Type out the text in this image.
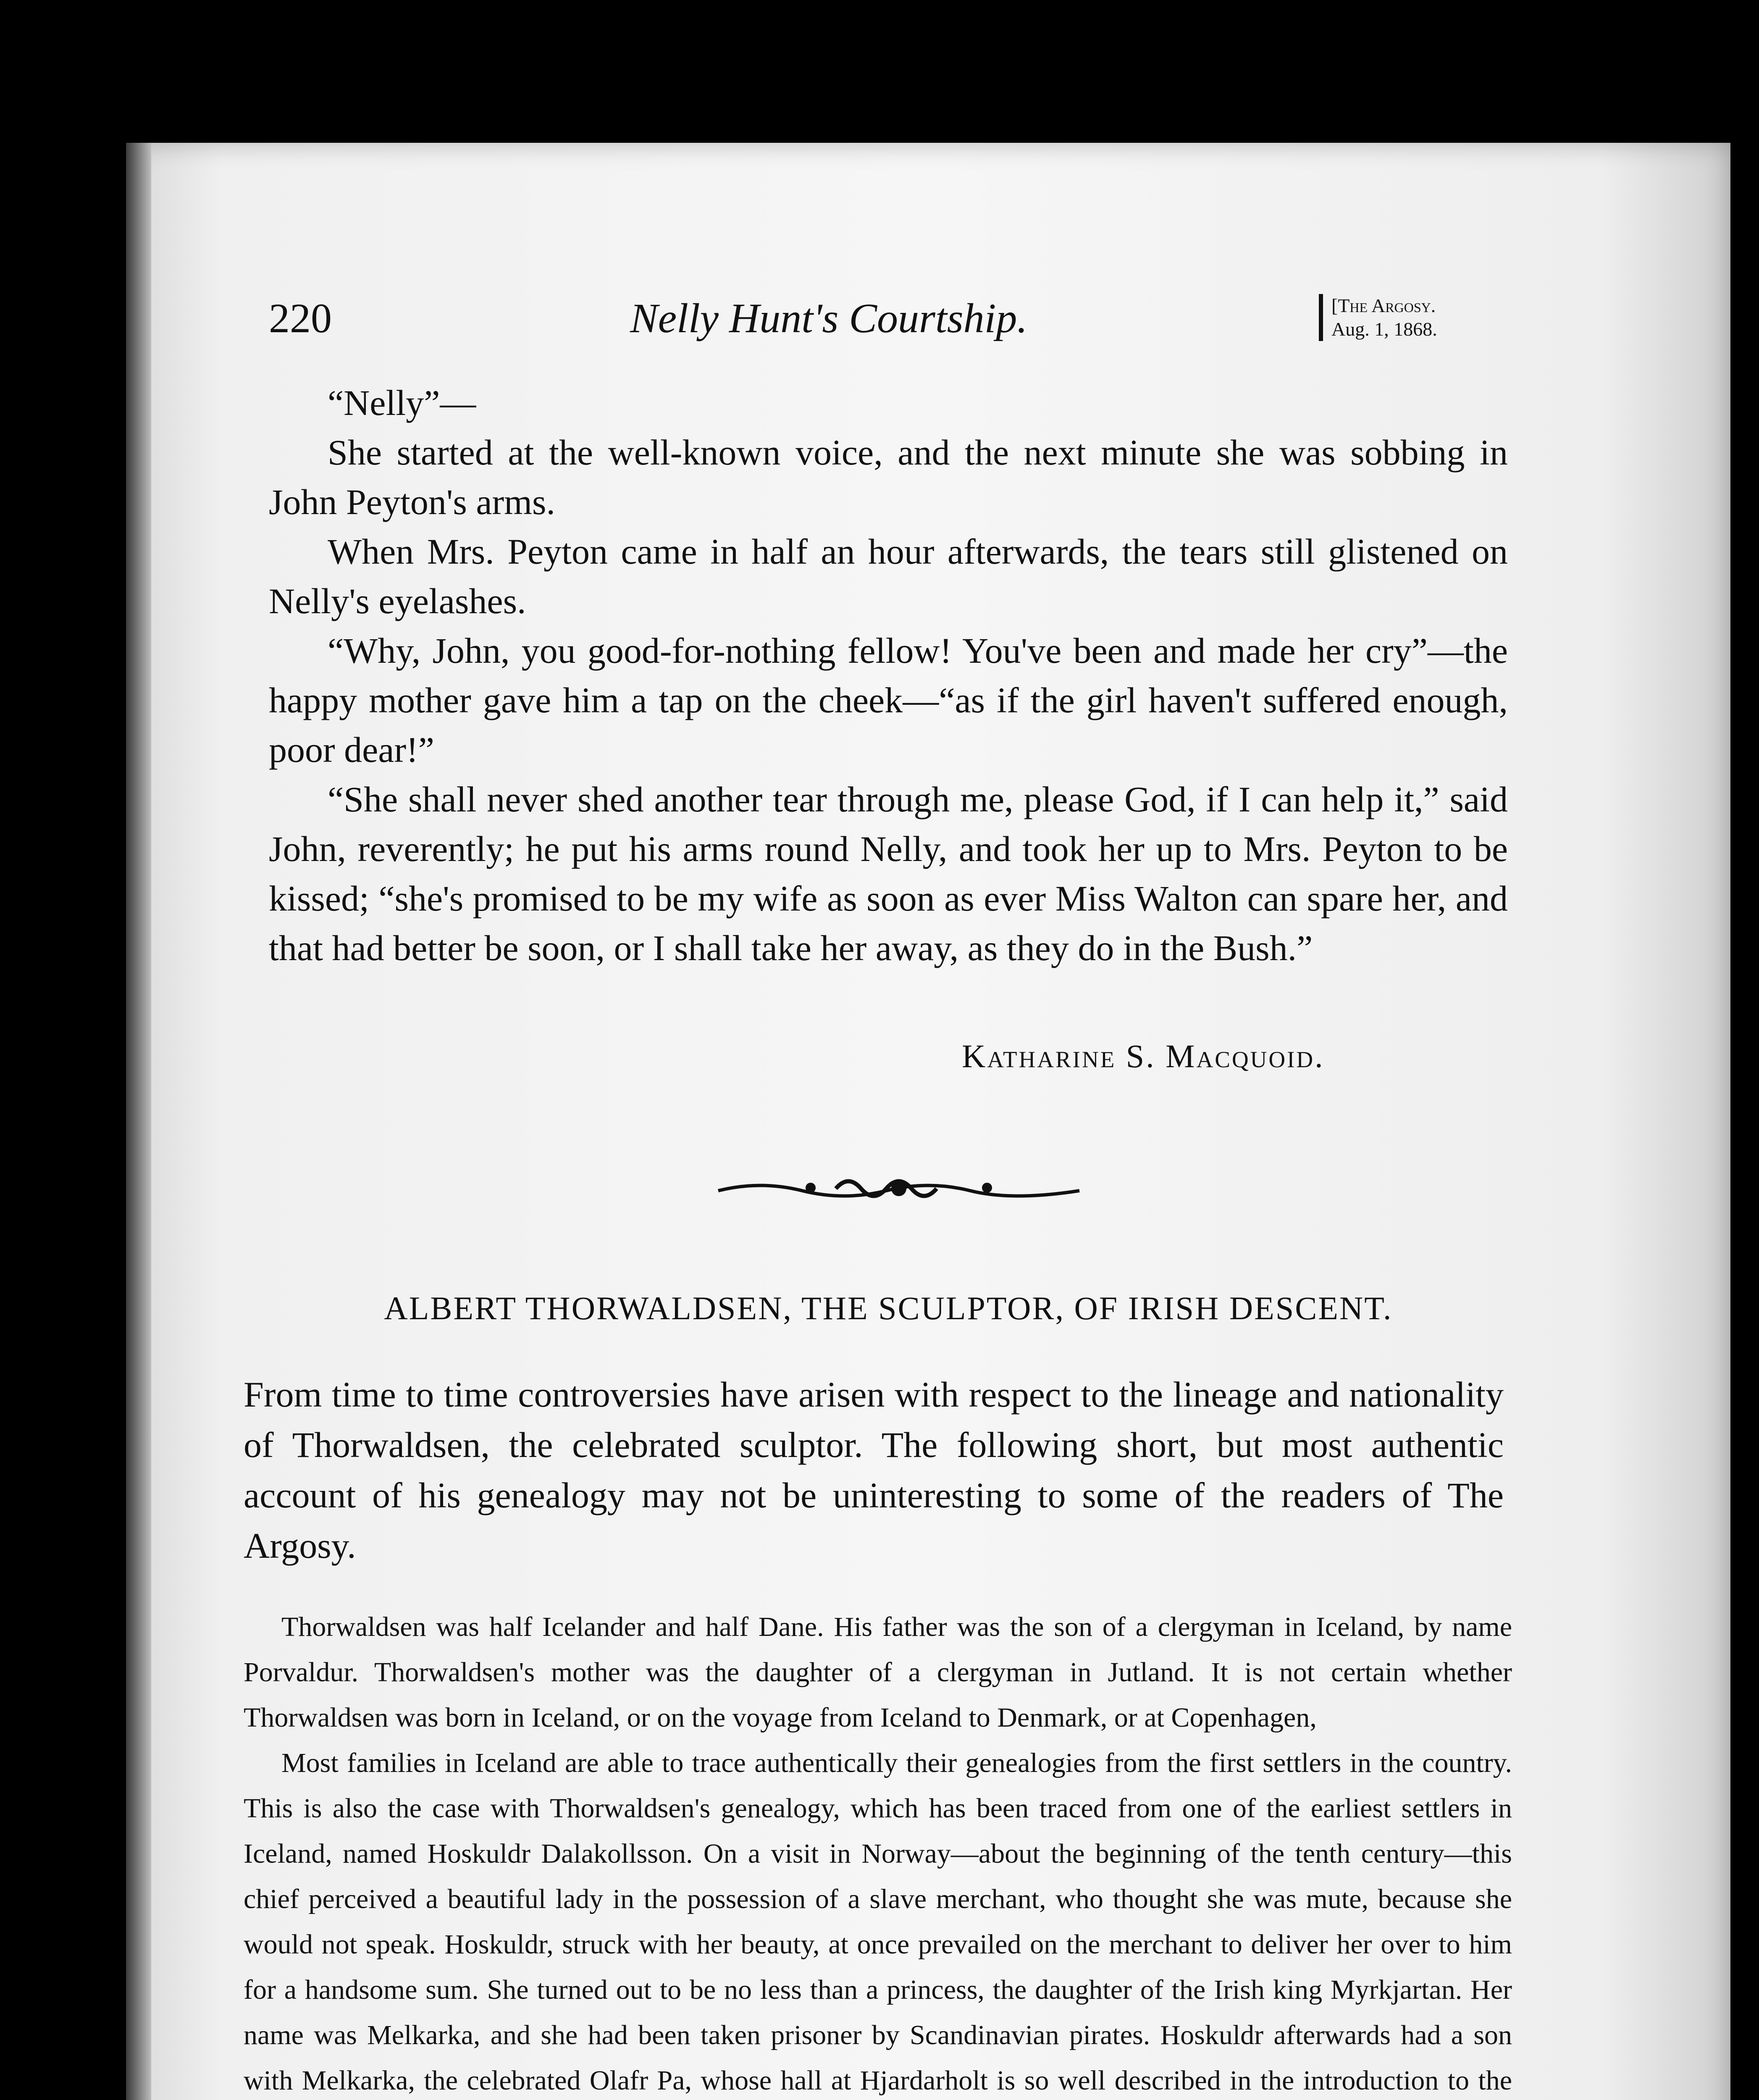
220	Nelly Hunt's Courtship.	[The Argosy.
Aug. 1, 1868.

“Nelly”—

She started at the well-known voice, and the next minute she was sobbing in John Peyton's arms.

When Mrs. Peyton came in half an hour afterwards, the tears still glistened on Nelly's eyelashes.

“Why, John, you good-for-nothing fellow! You've been and made her cry”—the happy mother gave him a tap on the cheek—“as if the girl haven't suffered enough, poor dear!”

“She shall never shed another tear through me, please God, if I can help it,” said John, reverently; he put his arms round Nelly, and took her up to Mrs. Peyton to be kissed; “she's promised to be my wife as soon as ever Miss Walton can spare her, and that had better be soon, or I shall take her away, as they do in the Bush.”

Katharine S. Macquoid.
ALBERT THORWALDSEN, THE SCULPTOR, OF IRISH DESCENT.

From time to time controversies have arisen with respect to the lineage and nationality of Thorwaldsen, the celebrated sculptor. The following short, but most authentic account of his genealogy may not be uninteresting to some of the readers of The Argosy.

Thorwaldsen was half Icelander and half Dane. His father was the son of a clergyman in Iceland, by name Porvaldur. Thorwaldsen's mother was the daughter of a clergyman in Jutland. It is not certain whether Thorwaldsen was born in Iceland, or on the voyage from Iceland to Denmark, or at Copenhagen,

Most families in Iceland are able to trace authentically their genealogies from the first settlers in the country. This is also the case with Thorwaldsen's genealogy, which has been traced from one of the earliest settlers in Iceland, named Hoskuldr Dalakollsson. On a visit in Norway—about the beginning of the tenth century—this chief perceived a beautiful lady in the possession of a slave merchant, who thought she was mute, because she would not speak. Hoskuldr, struck with her beauty, at once prevailed on the merchant to deliver her over to him for a handsome sum. She turned out to be no less than a princess, the daughter of the Irish king Myrkjartan. Her name was Melkarka, and she had been taken prisoner by Scandinavian pirates. Hoskuldr afterwards had a son with Melkarka, the celebrated Olafr Pa, whose hall at Hjardarholt is so well described in the introduction to the
